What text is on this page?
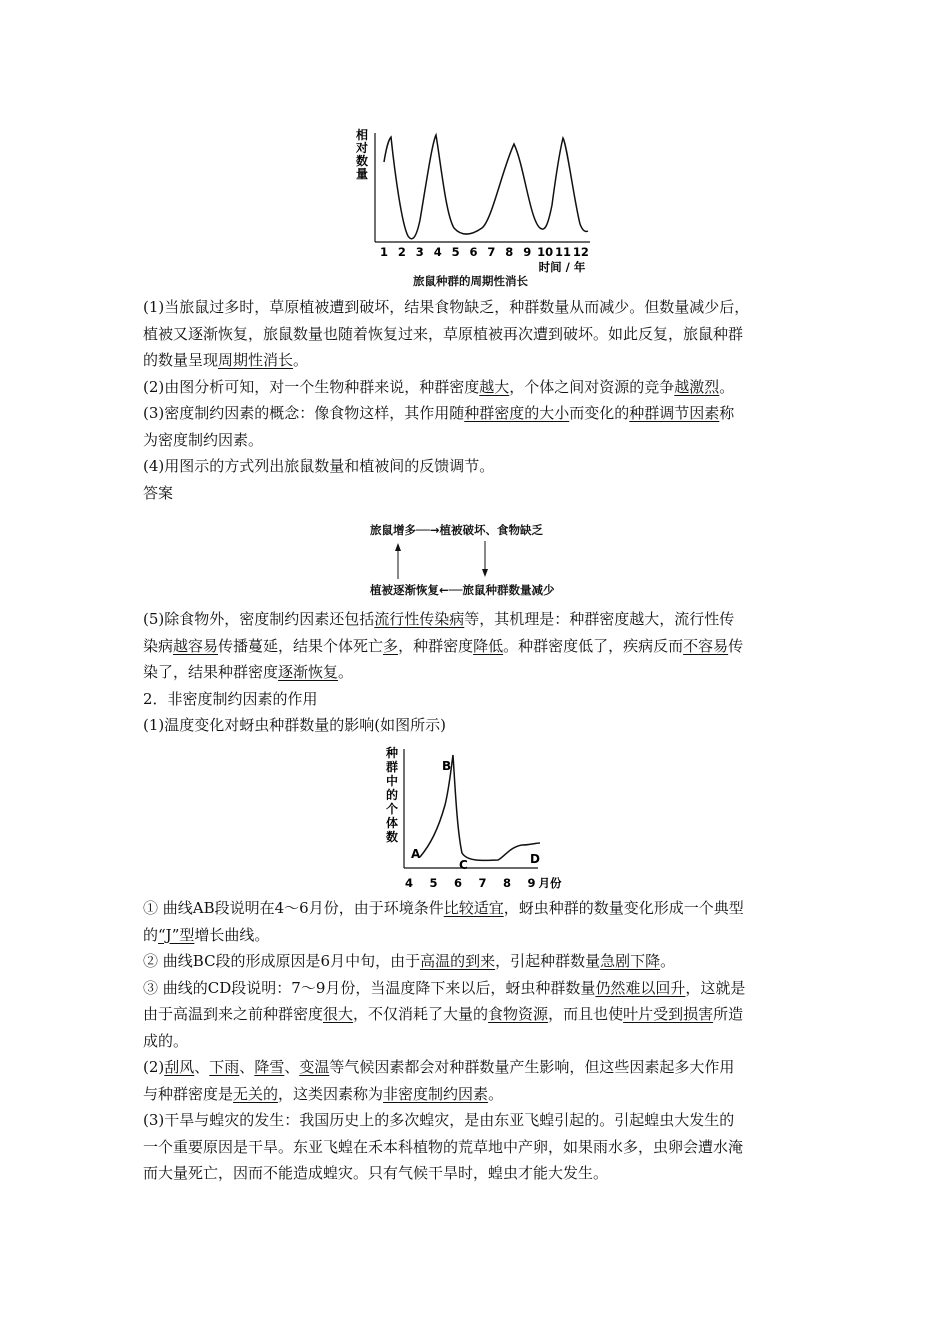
相
对
数
量
1 2 3 4 5 6 7 8 9 10 11 12
时间 / 年
旅鼠种群的周期性消长
(1)当旅鼠过多时，草原植被遭到破坏，结果食物缺乏，种群数量从而减少。但数量减少后，
植被又逐渐恢复，旅鼠数量也随着恢复过来，草原植被再次遭到破坏。如此反复，旅鼠种群
的数量呈现周期性消长。
(2)由图分析可知，对一个生物种群来说，种群密度越大，个体之间对资源的竞争越激烈。
(3)密度制约因素的概念：像食物这样，其作用随种群密度的大小而变化的种群调节因素称
为密度制约因素。
(4)用图示的方式列出旅鼠数量和植被间的反馈调节。
答案
旅鼠增多──→植被破坏、食物缺乏
植被逐渐恢复←──旅鼠种群数量减少
(5)除食物外，密度制约因素还包括流行性传染病等，其机理是：种群密度越大，流行性传
染病越容易传播蔓延，结果个体死亡多，种群密度降低。种群密度低了，疾病反而不容易传
染了，结果种群密度逐渐恢复。
2．非密度制约因素的作用
(1)温度变化对蚜虫种群数量的影响(如图所示)
种
群
中
的
个
体
数
A
B
C	D
4 5 6 7 8 9 月份
① 曲线AB段说明在4～6月份，由于环境条件比较适宜，蚜虫种群的数量变化形成一个典型
的“J”型增长曲线。
② 曲线BC段的形成原因是6月中旬，由于高温的到来，引起种群数量急剧下降。
③ 曲线的CD段说明：7～9月份，当温度降下来以后，蚜虫种群数量仍然难以回升，这就是
由于高温到来之前种群密度很大，不仅消耗了大量的食物资源，而且也使叶片受到损害所造
成的。
(2)刮风、下雨、降雪、变温等气候因素都会对种群数量产生影响，但这些因素起多大作用
与种群密度是无关的，这类因素称为非密度制约因素。
(3)干旱与蝗灾的发生：我国历史上的多次蝗灾，是由东亚飞蝗引起的。引起蝗虫大发生的
一个重要原因是干旱。东亚飞蝗在禾本科植物的荒草地中产卵，如果雨水多，虫卵会遭水淹
而大量死亡，因而不能造成蝗灾。只有气候干旱时，蝗虫才能大发生。
